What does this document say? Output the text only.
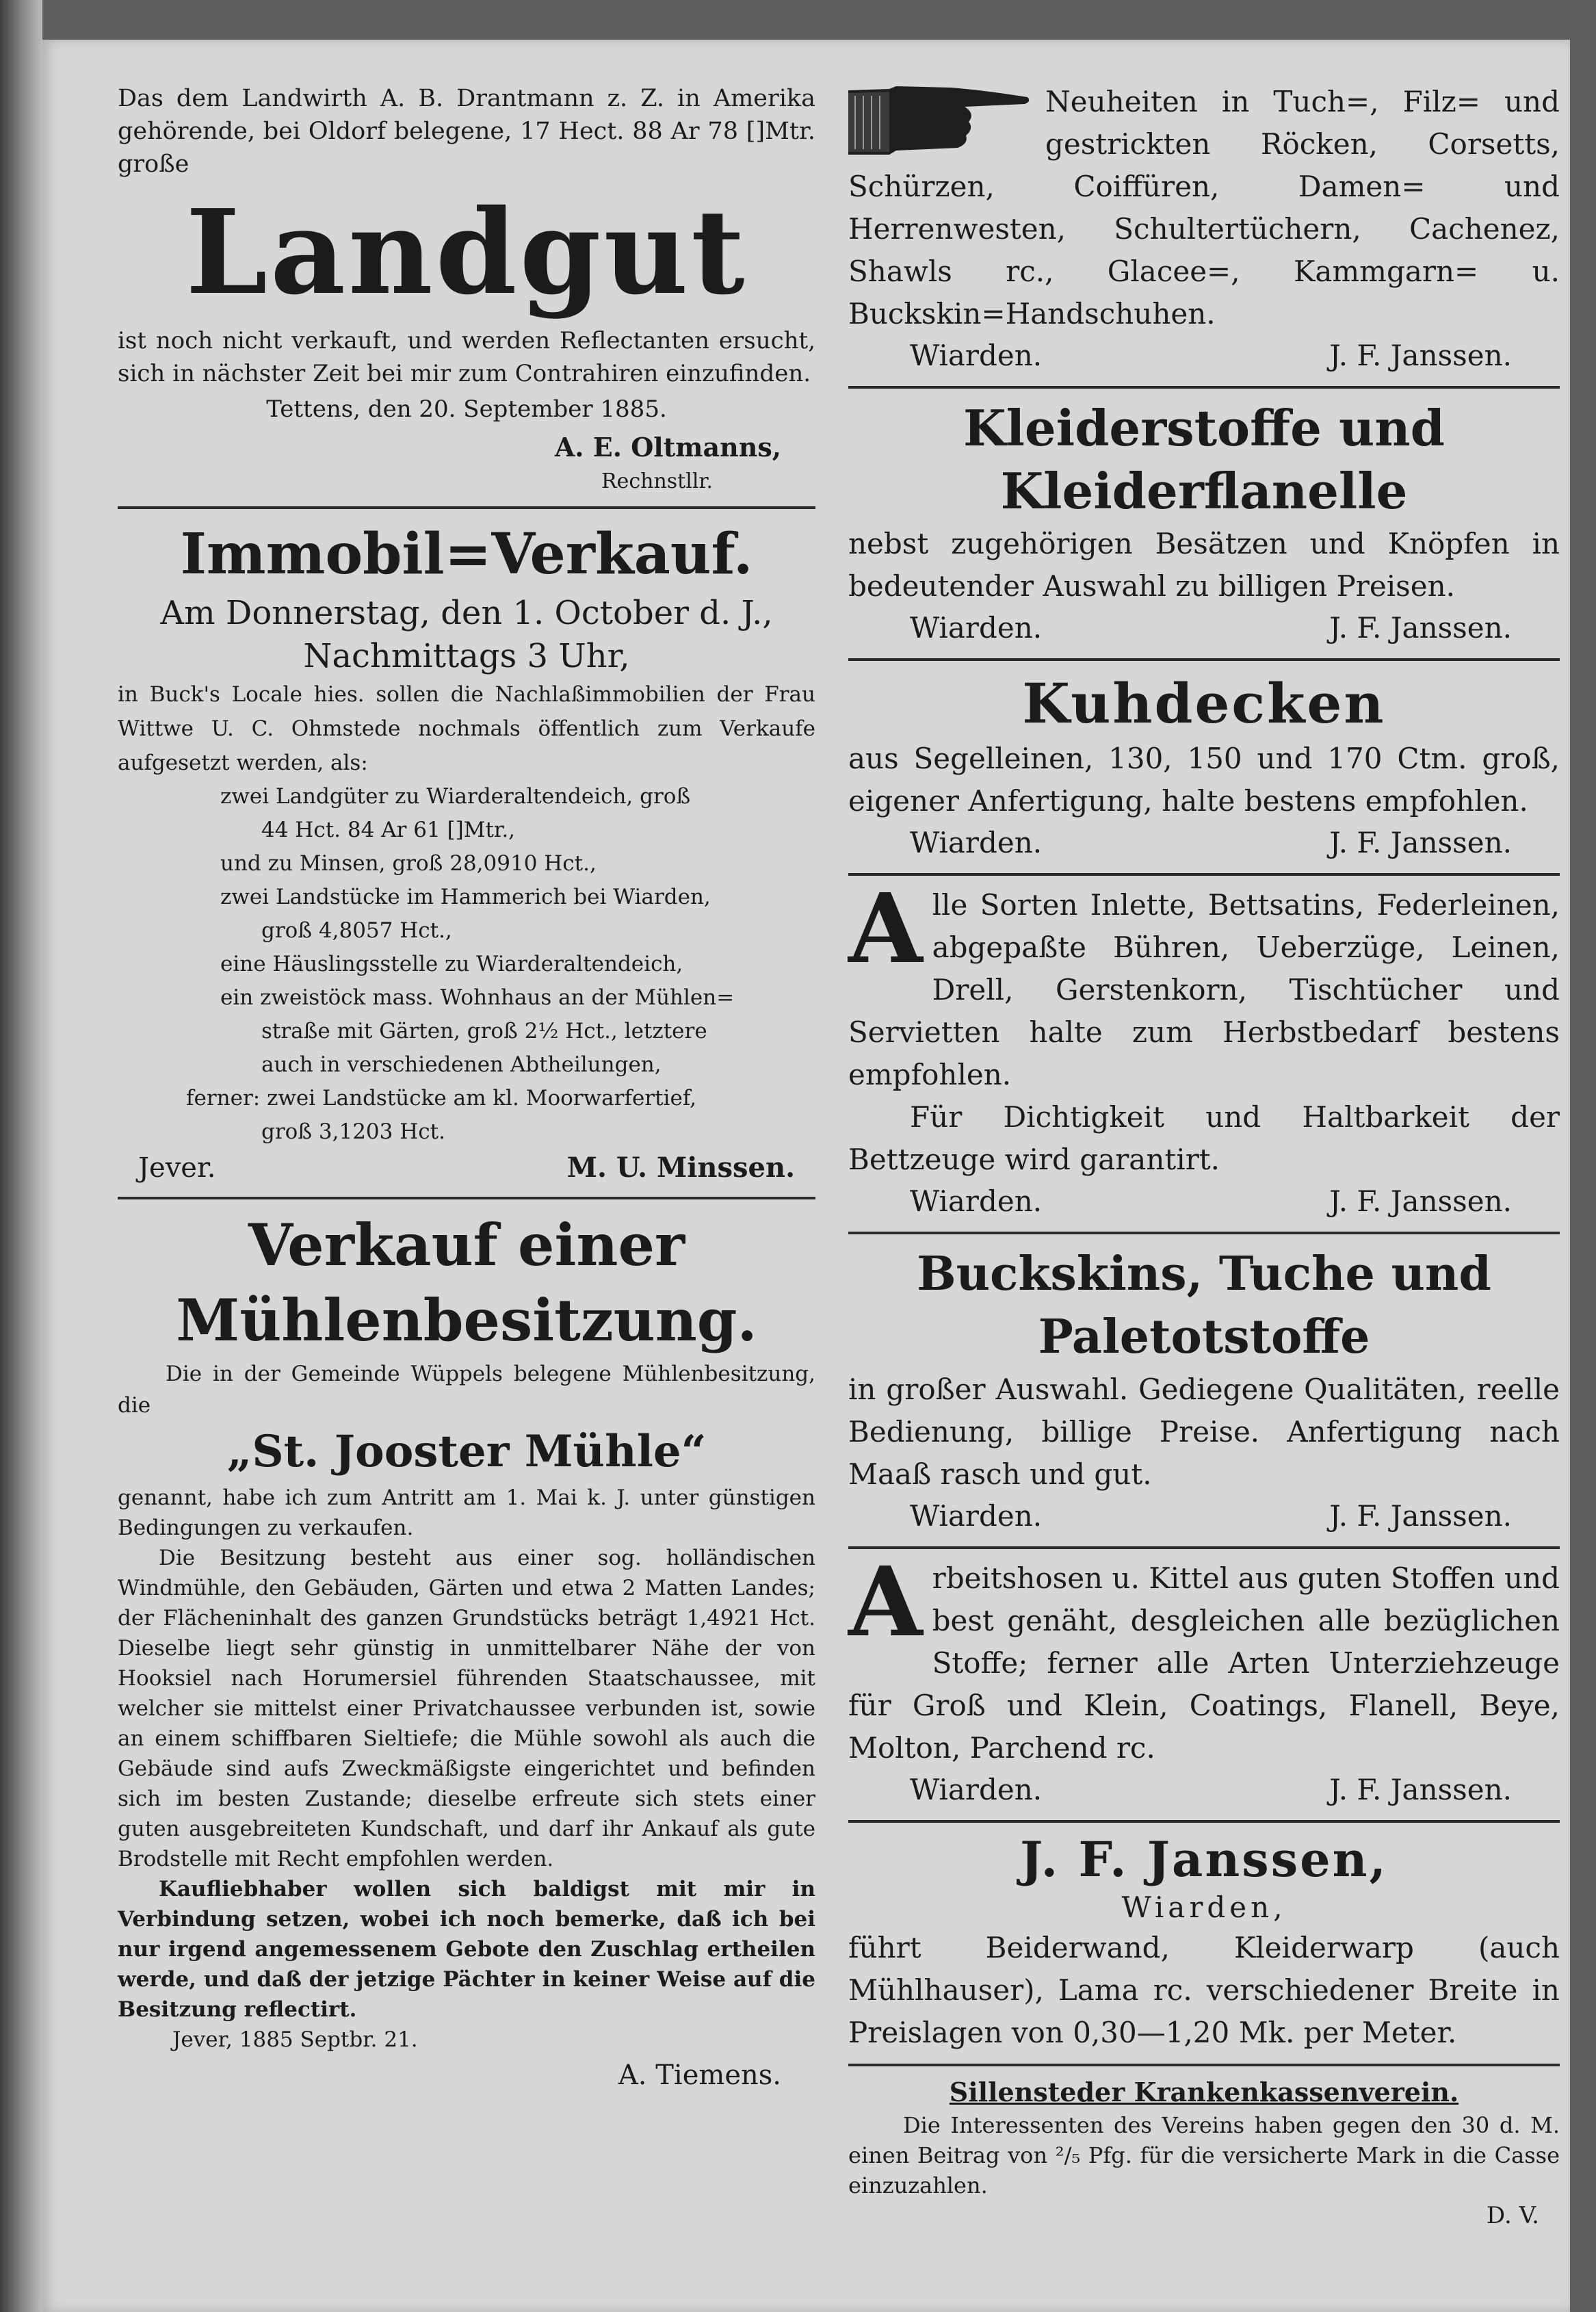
Das dem Landwirth A. B. Drantmann z. Z. in Amerika gehörende, bei Oldorf belegene, 17 Hect. 88 Ar 78 []Mtr. große

Landgut

ist noch nicht verkauft, und werden Reflectanten ersucht, sich in nächster Zeit bei mir zum Contrahiren einzufinden.

Tettens, den 20. September 1885.

A. E. Oltmanns,

Rechnstllr.

Immobil=Verkauf.

Am Donnerstag, den 1. October d. J.,

Nachmittags 3 Uhr,

in Buck's Locale hies. sollen die Nachlaßimmobilien der Frau Wittwe U. C. Ohmstede nochmals öffentlich zum Verkaufe aufgesetzt werden, als:

zwei Landgüter zu Wiarderaltendeich, groß

44 Hct. 84 Ar 61 []Mtr.,

und zu Minsen, groß 28,0910 Hct.,

zwei Landstücke im Hammerich bei Wiarden,

groß 4,8057 Hct.,

eine Häuslingsstelle zu Wiarderaltendeich,

ein zweistöck mass. Wohnhaus an der Mühlen=

straße mit Gärten, groß 2½ Hct., letztere

auch in verschiedenen Abtheilungen,

ferner: zwei Landstücke am kl. Moorwarfertief,

groß 3,1203 Hct.

Jever.	M. U. Minssen.

Verkauf einer

Mühlenbesitzung.

Die in der Gemeinde Wüppels belegene Mühlenbesitzung, die

„St. Jooster Mühle“

genannt, habe ich zum Antritt am 1. Mai k. J. unter günstigen Bedingungen zu verkaufen.

Die Besitzung besteht aus einer sog. holländischen Windmühle, den Gebäuden, Gärten und etwa 2 Matten Landes; der Flächeninhalt des ganzen Grundstücks beträgt 1,4921 Hct. Dieselbe liegt sehr günstig in unmittelbarer Nähe der von Hooksiel nach Horumersiel führenden Staatschaussee, mit welcher sie mittelst einer Privatchaussee verbunden ist, sowie an einem schiffbaren Sieltiefe; die Mühle sowohl als auch die Gebäude sind aufs Zweckmäßigste eingerichtet und befinden sich im besten Zustande; dieselbe erfreute sich stets einer guten ausgebreiteten Kundschaft, und darf ihr Ankauf als gute Brodstelle mit Recht empfohlen werden.

Kaufliebhaber wollen sich baldigst mit mir in Verbindung setzen, wobei ich noch bemerke, daß ich bei nur irgend angemessenem Gebote den Zuschlag ertheilen werde, und daß der jetzige Pächter in keiner Weise auf die Besitzung reflectirt.

Jever, 1885 Septbr. 21.

A. Tiemens.

Neuheiten in Tuch=, Filz= und gestrickten Röcken, Corsetts, Schürzen, Coiffüren, Damen= und Herrenwesten, Schultertüchern, Cachenez, Shawls rc., Glacee=, Kammgarn= u. Buckskin=Handschuhen.

Wiarden.	J. F. Janssen.

Kleiderstoffe und

Kleiderflanelle

nebst zugehörigen Besätzen und Knöpfen in bedeutender Auswahl zu billigen Preisen.

Wiarden.	J. F. Janssen.

Kuhdecken

aus Segelleinen, 130, 150 und 170 Ctm. groß, eigener Anfertigung, halte bestens empfohlen.

Wiarden.	J. F. Janssen.
A lle Sorten Inlette, Bettsatins, Federleinen, abgepaßte Bühren, Ueberzüge, Leinen, Drell, Gerstenkorn, Tischtücher und Servietten halte zum Herbstbedarf bestens empfohlen.

Für Dichtigkeit und Haltbarkeit der Bettzeuge wird garantirt.

Wiarden.	J. F. Janssen.

Buckskins, Tuche und

Paletotstoffe

in großer Auswahl. Gediegene Qualitäten, reelle Bedienung, billige Preise. Anfertigung nach Maaß rasch und gut.

Wiarden.	J. F. Janssen.
A rbeitshosen u. Kittel aus guten Stoffen und best genäht, desgleichen alle bezüglichen Stoffe; ferner alle Arten Unterziehzeuge für Groß und Klein, Coatings, Flanell, Beye, Molton, Parchend rc.

Wiarden.	J. F. Janssen.

J. F. Janssen,

Wiarden,

führt Beiderwand, Kleiderwarp (auch Mühlhauser), Lama rc. verschiedener Breite in Preislagen von 0,30—1,20 Mk. per Meter.

Sillensteder Krankenkassenverein.

Die Interessenten des Vereins haben gegen den 30 d. M. einen Beitrag von ²/₅ Pfg. für die versicherte Mark in die Casse einzuzahlen.

D. V.
